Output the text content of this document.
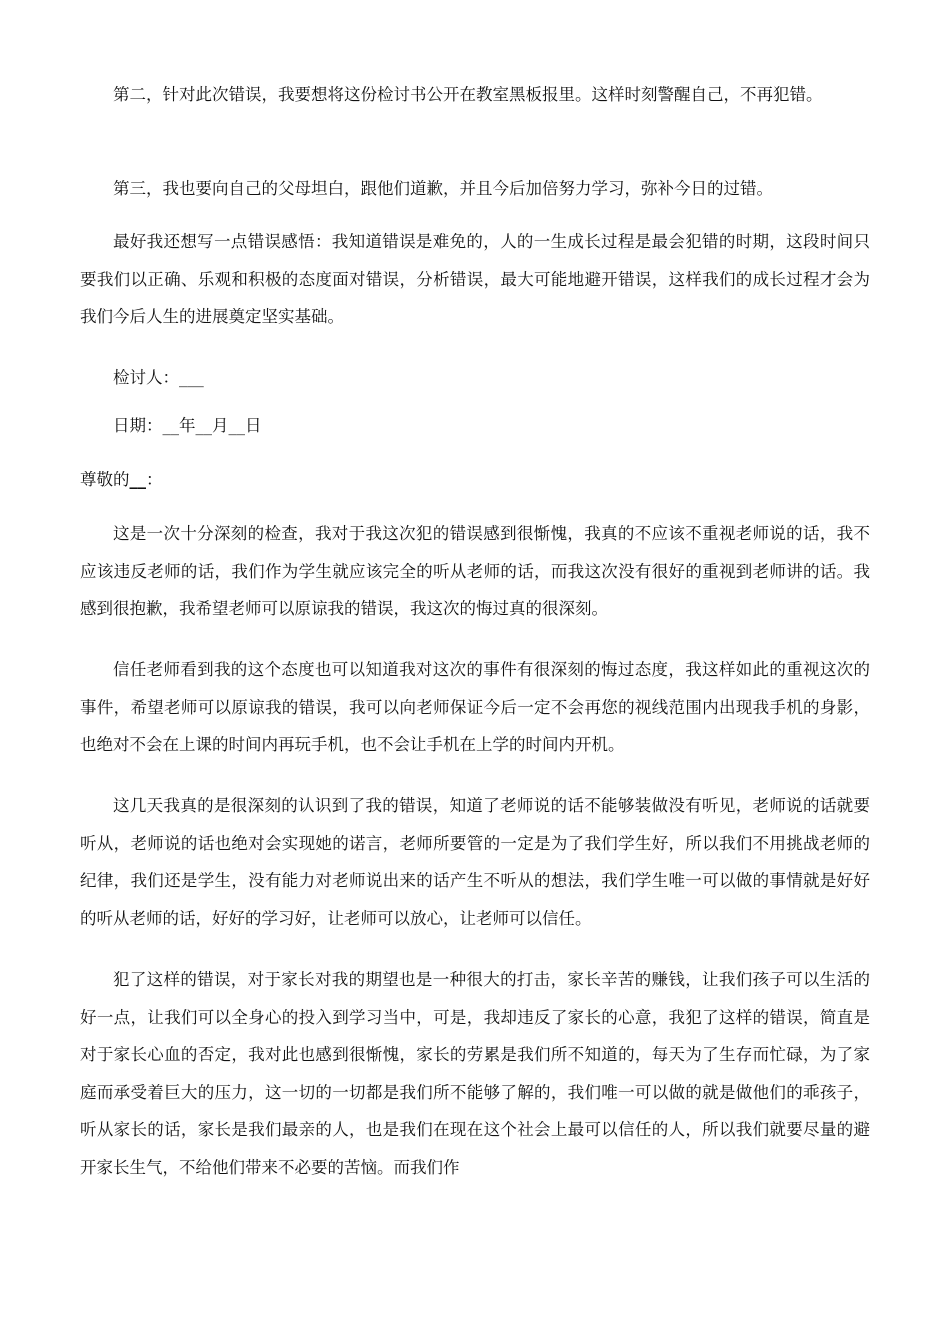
第二，针对此次错误，我要想将这份检讨书公开在教室黑板报里。这样时刻警醒自己，不再犯错。

第三，我也要向自己的父母坦白，跟他们道歉，并且今后加倍努力学习，弥补今日的过错。

最好我还想写一点错误感悟：我知道错误是难免的，人的一生成长过程是最会犯错的时期，这段时间只要我们以正确、乐观和积极的态度面对错误，分析错误，最大可能地避开错误，这样我们的成长过程才会为我们今后人生的进展奠定坚实基础。

检讨人：___

日期：__年__月__日

尊敬的__：

这是一次十分深刻的检查，我对于我这次犯的错误感到很惭愧，我真的不应该不重视老师说的话，我不应该违反老师的话，我们作为学生就应该完全的听从老师的话，而我这次没有很好的重视到老师讲的话。我感到很抱歉，我希望老师可以原谅我的错误，我这次的悔过真的很深刻。

信任老师看到我的这个态度也可以知道我对这次的事件有很深刻的悔过态度，我这样如此的重视这次的事件，希望老师可以原谅我的错误，我可以向老师保证今后一定不会再您的视线范围内出现我手机的身影，也绝对不会在上课的时间内再玩手机，也不会让手机在上学的时间内开机。

这几天我真的是很深刻的认识到了我的错误，知道了老师说的话不能够装做没有听见，老师说的话就要听从，老师说的话也绝对会实现她的诺言，老师所要管的一定是为了我们学生好，所以我们不用挑战老师的纪律，我们还是学生，没有能力对老师说出来的话产生不听从的想法，我们学生唯一可以做的事情就是好好的听从老师的话，好好的学习好，让老师可以放心，让老师可以信任。

犯了这样的错误，对于家长对我的期望也是一种很大的打击，家长辛苦的赚钱，让我们孩子可以生活的好一点，让我们可以全身心的投入到学习当中，可是，我却违反了家长的心意，我犯了这样的错误，简直是对于家长心血的否定，我对此也感到很惭愧，家长的劳累是我们所不知道的，每天为了生存而忙碌，为了家庭而承受着巨大的压力，这一切的一切都是我们所不能够了解的，我们唯一可以做的就是做他们的乖孩子，听从家长的话，家长是我们最亲的人，也是我们在现在这个社会上最可以信任的人，所以我们就要尽量的避开家长生气，不给他们带来不必要的苦恼。而我们作
